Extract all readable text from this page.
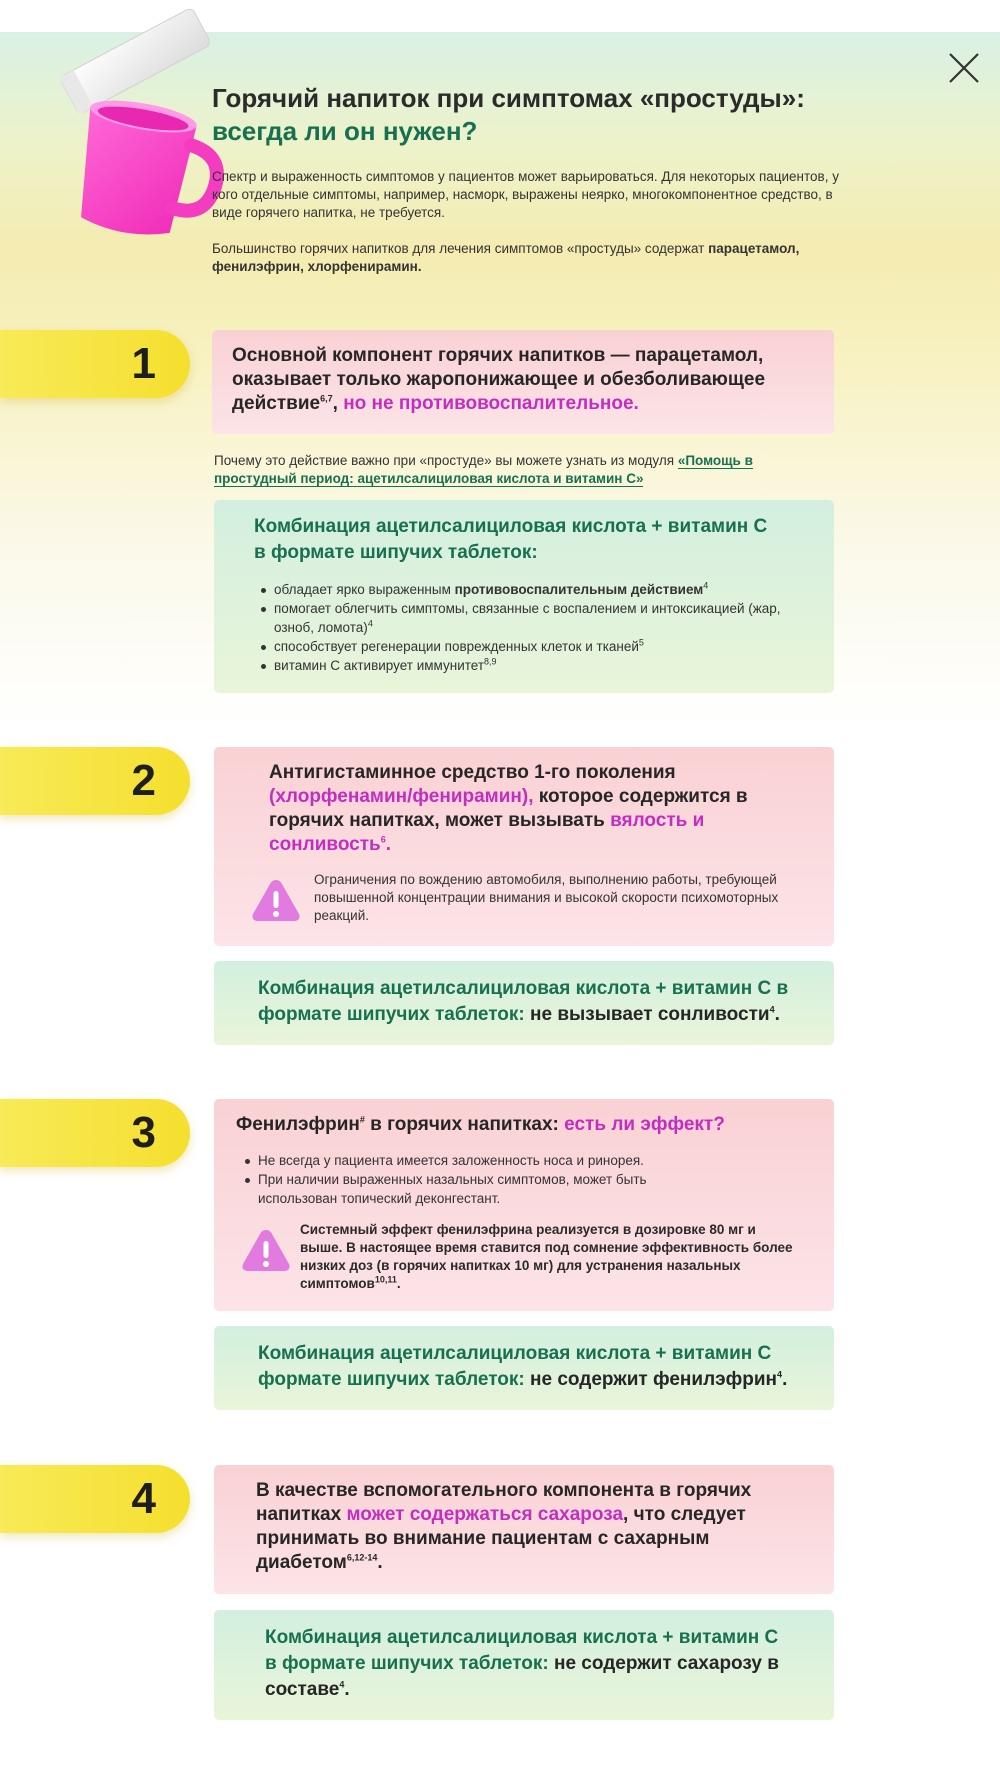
Горячий напиток при симптомах «простуды»:
всегда ли он нужен?

Спектр и выраженность симптомов у пациентов может варьироваться. Для некоторых пациентов, у кого отдельные симптомы, например, насморк, выражены неярко, многокомпонентное средство, в виде горячего напитка, не требуется.

Большинство горячих напитков для лечения симптомов «простуды» содержат парацетамол, фенилэфрин, хлорфенирамин.

1	Основной компонент горячих напитков — парацетамол, оказывает только жаропонижающее и обезболивающее действие$^{6,7}$, но не противовоспалительное.
Почему это действие важно при «простуде» вы можете узнать из модуля «Помощь в простудный период: ацетилсалициловая кислота и витамин С»
Комбинация ацетилсалициловая кислота + витамин С в формате шипучих таблеток:
обладает ярко выраженным противовоспалительным действием$^4$
помогает облегчить симптомы, связанные с воспалением и интоксикацией (жар, озноб, ломота)$^4$
способствует регенерации поврежденных клеток и тканей$^5$
витамин С активирует иммунитет$^{8,9}$
2	Антигистаминное средство 1-го поколения (хлорфенамин/фенирамин), которое содержится в горячих напитках, может вызывать вялость и сонливость$^6$.
Ограничения по вождению автомобиля, выполнению работы, требующей повышенной концентрации внимания и высокой скорости психомоторных реакций.
Комбинация ацетилсалициловая кислота + витамин С в формате шипучих таблеток: не вызывает сонливости$^4$.
3	Фенилэфрин# в горячих напитках: есть ли эффект?
Не всегда у пациента имеется заложенность носа и ринорея.
При наличии выраженных назальных симптомов, может быть использован топический деконгестант.
Системный эффект фенилэфрина реализуется в дозировке 80 мг и выше. В настоящее время ставится под сомнение эффективность более низких доз (в горячих напитках 10 мг) для устранения назальных симптомов$^{10,11}$.
Комбинация ацетилсалициловая кислота + витамин С формате шипучих таблеток: не содержит фенилэфрин$^4$.
4	В качестве вспомогательного компонента в горячих напитках может содержаться сахароза, что следует принимать во внимание пациентам с сахарным диабетом$^{6,12-14}$.
Комбинация ацетилсалициловая кислота + витамин С в формате шипучих таблеток: не содержит сахарозу в составе$^4$.
